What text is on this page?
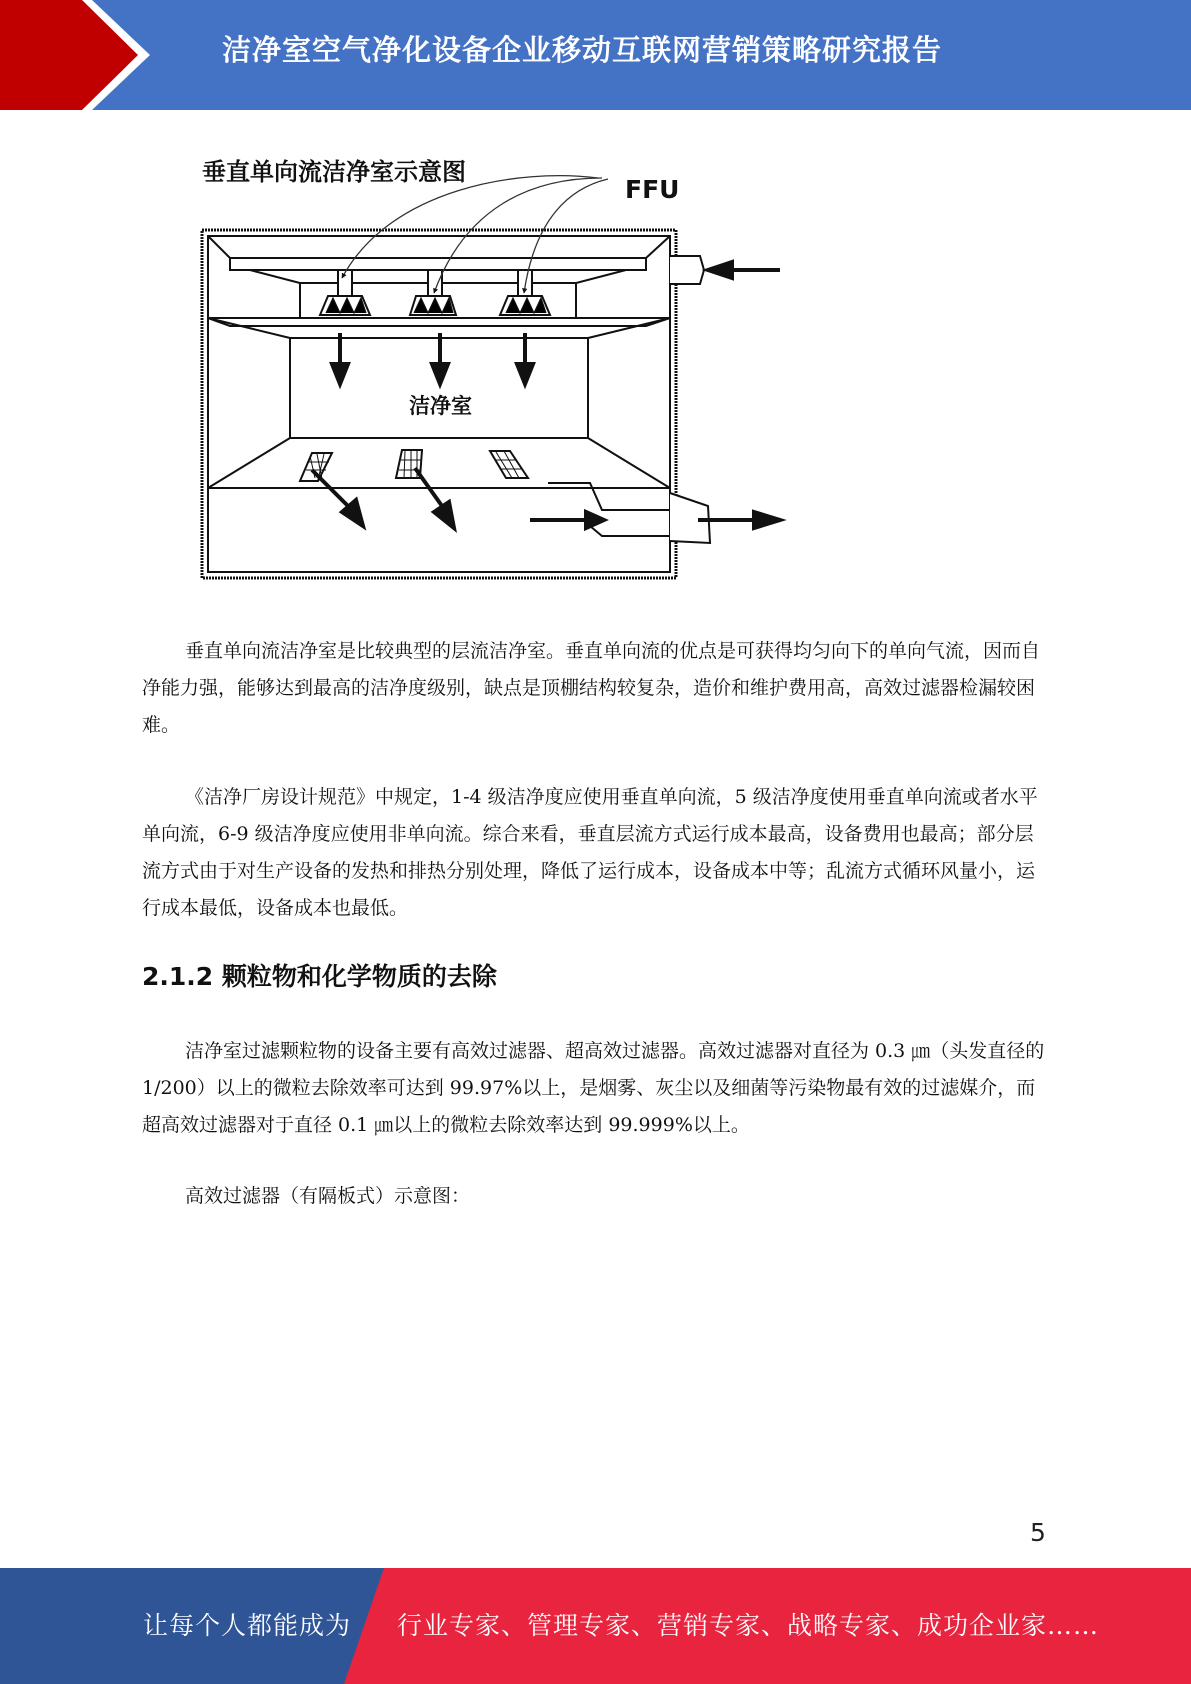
洁净室空气净化设备企业移动互联网营销策略研究报告
垂直单向流洁净室示意图
FFU
洁净室

垂直单向流洁净室是比较典型的层流洁净室。垂直单向流的优点是可获得均匀向下的单向气流，因而自净能力强，能够达到最高的洁净度级别，缺点是顶棚结构较复杂，造价和维护费用高，高效过滤器检漏较困难。

《洁净厂房设计规范》中规定，1-4 级洁净度应使用垂直单向流，5 级洁净度使用垂直单向流或者水平单向流，6-9 级洁净度应使用非单向流。综合来看，垂直层流方式运行成本最高，设备费用也最高；部分层流方式由于对生产设备的发热和排热分别处理，降低了运行成本，设备成本中等；乱流方式循环风量小，运行成本最低，设备成本也最低。

2.1.2 颗粒物和化学物质的去除

洁净室过滤颗粒物的设备主要有高效过滤器、超高效过滤器。高效过滤器对直径为 0.3 ㎛（头发直径的 1/200）以上的微粒去除效率可达到 99.97%以上，是烟雾、灰尘以及细菌等污染物最有效的过滤媒介，而超高效过滤器对于直径 0.1 ㎛以上的微粒去除效率达到 99.999%以上。

高效过滤器（有隔板式）示意图：

5
让每个人都能成为 行业专家、管理专家、营销专家、战略专家、成功企业家……
